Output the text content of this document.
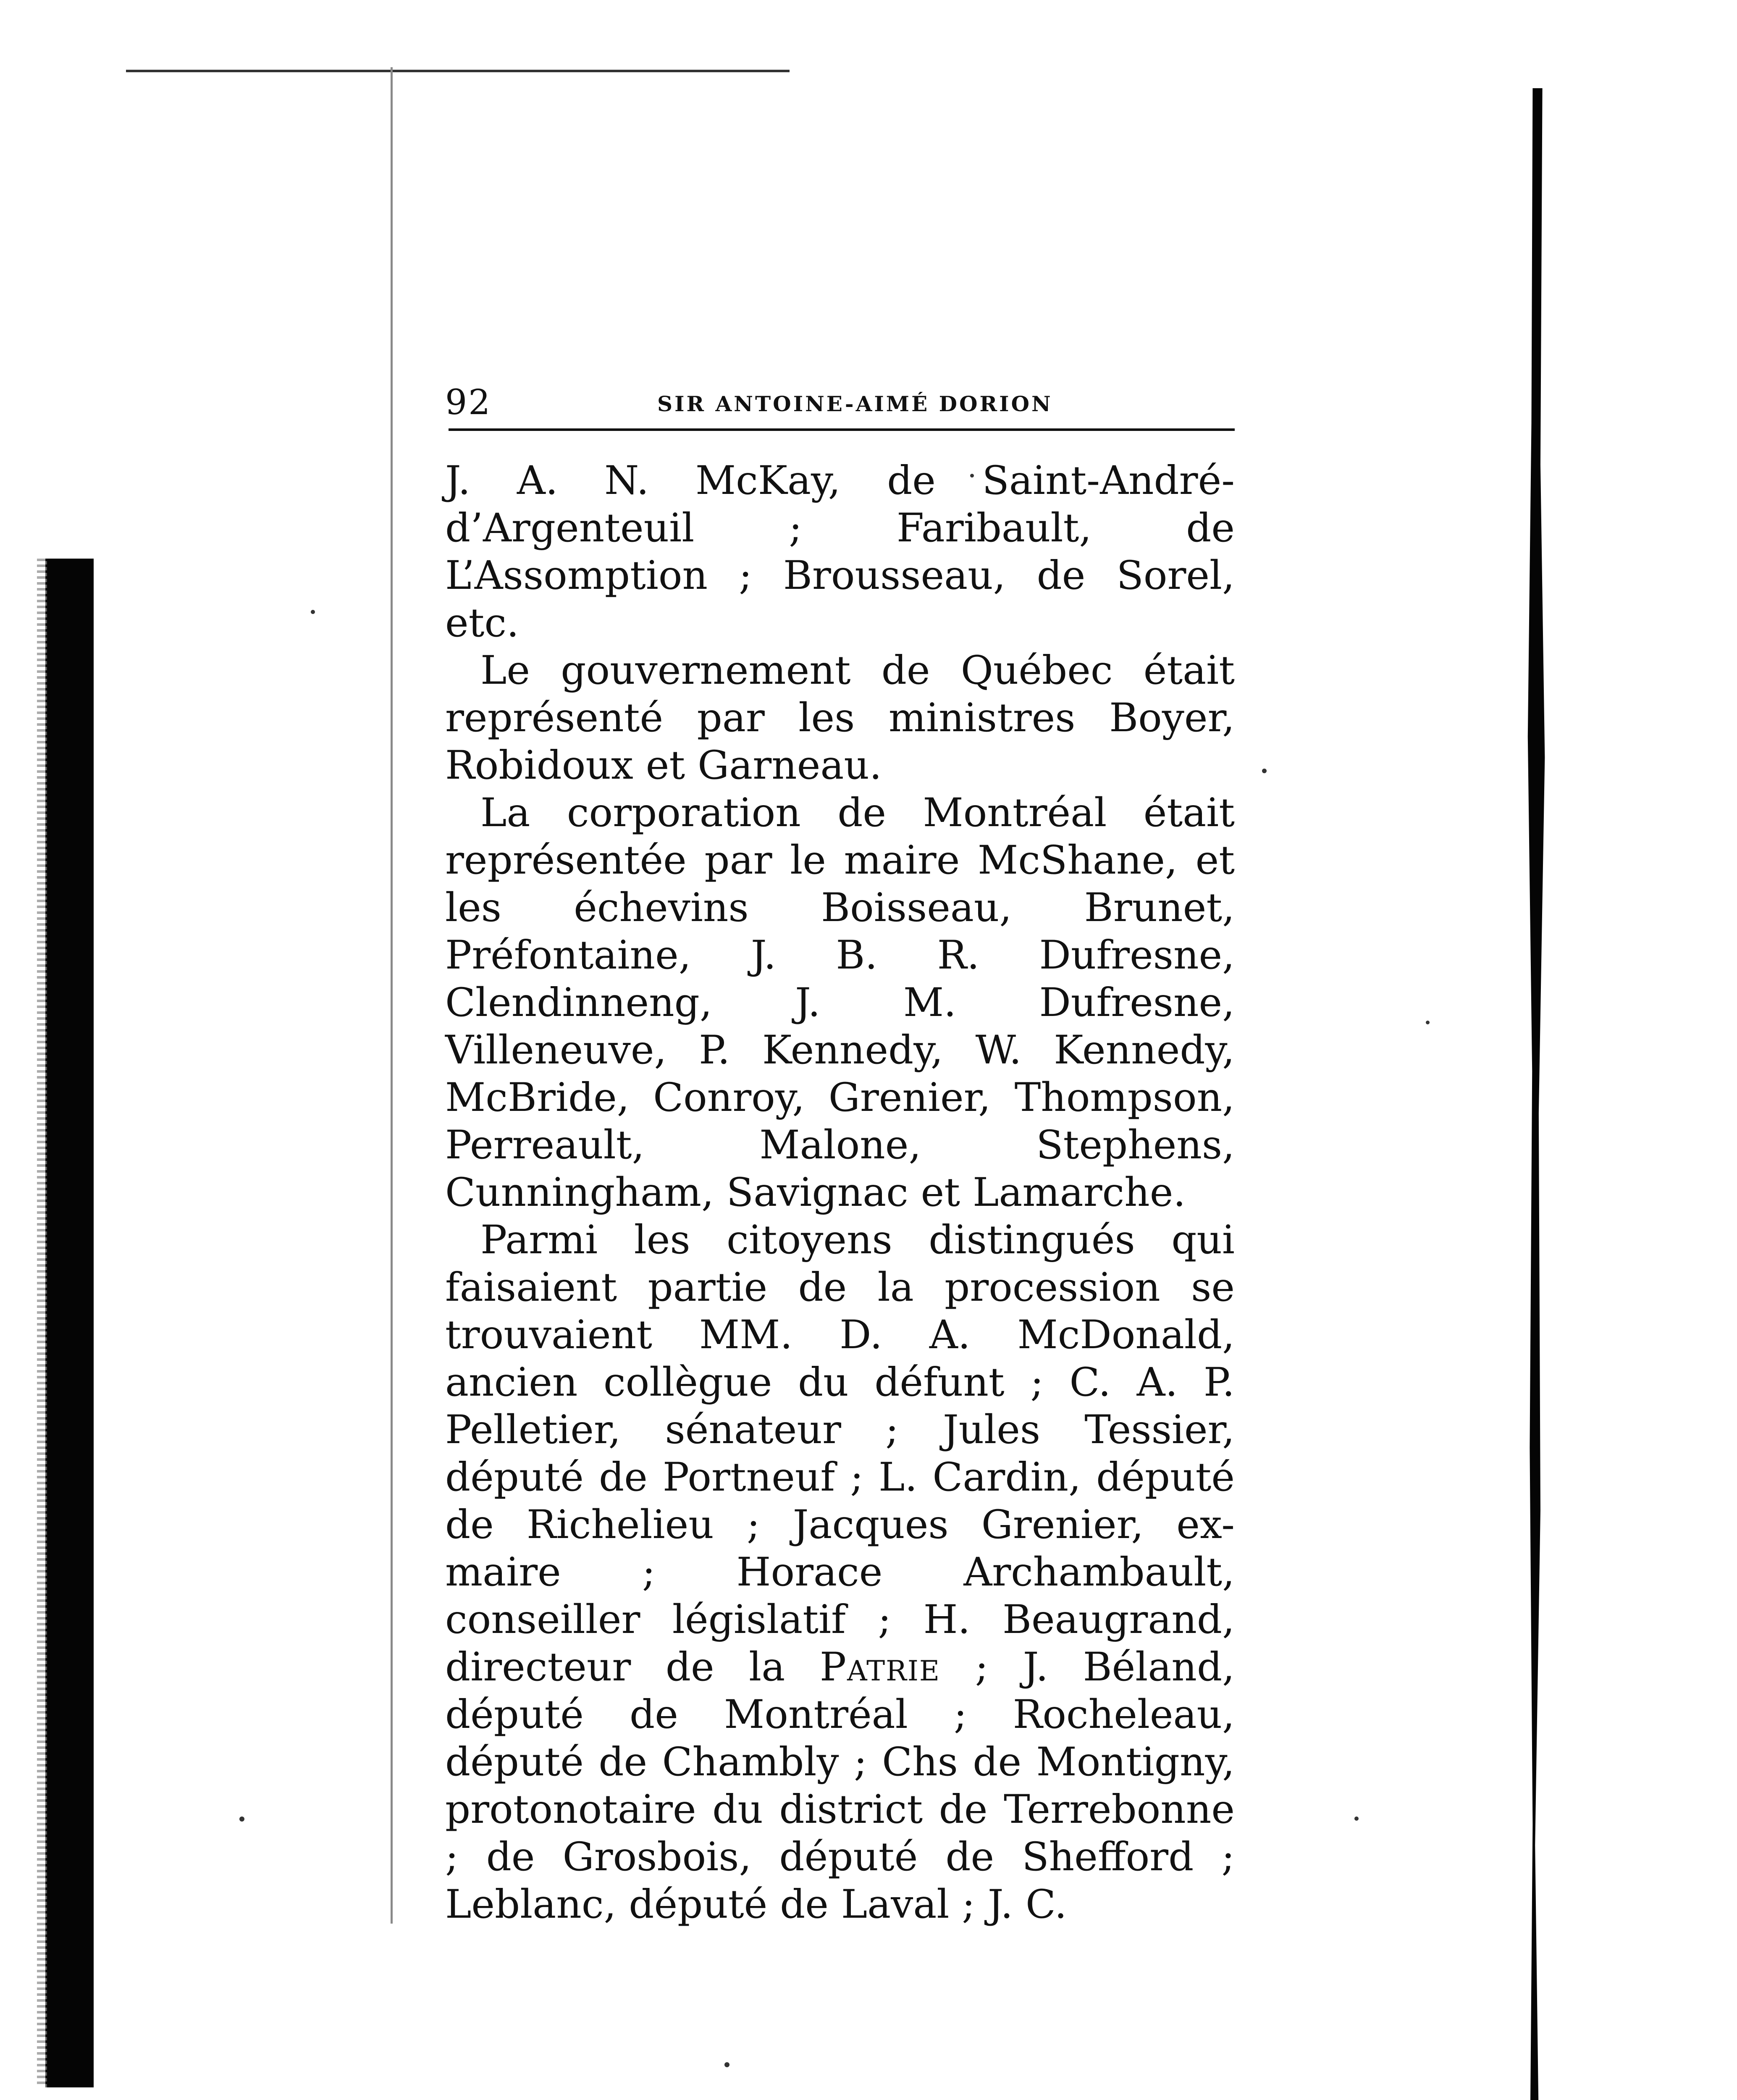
92	SIR ANTOINE-AIMÉ DORION

J. A. N. McKay, de Saint-André-d’Argenteuil ; Faribault, de L’Assomption ; Brousseau, de Sorel, etc.

Le gouvernement de Québec était représenté par les ministres Boyer, Robidoux et Garneau.

La corporation de Montréal était représentée par le maire McShane, et les échevins Boisseau, Brunet, Préfontaine, J. B. R. Dufresne, Clendinneng, J. M. Dufresne, Villeneuve, P. Kennedy, W. Kennedy, McBride, Conroy, Grenier, Thompson, Perreault, Malone, Stephens, Cunningham, Savignac et Lamarche.

Parmi les citoyens distingués qui faisaient partie de la procession se trouvaient MM. D. A. McDonald, ancien collègue du défunt ; C. A. P. Pelletier, sénateur ; Jules Tessier, député de Portneuf ; L. Cardin, député de Richelieu ; Jacques Grenier, ex-maire ; Horace Archambault, conseiller législatif ; H. Beaugrand, directeur de la Patrie ; J. Béland, député de Montréal ; Rocheleau, député de Chambly ; Chs de Montigny, protonotaire du district de Terrebonne ; de Grosbois, député de Shefford ; Leblanc, député de Laval ; J. C.
